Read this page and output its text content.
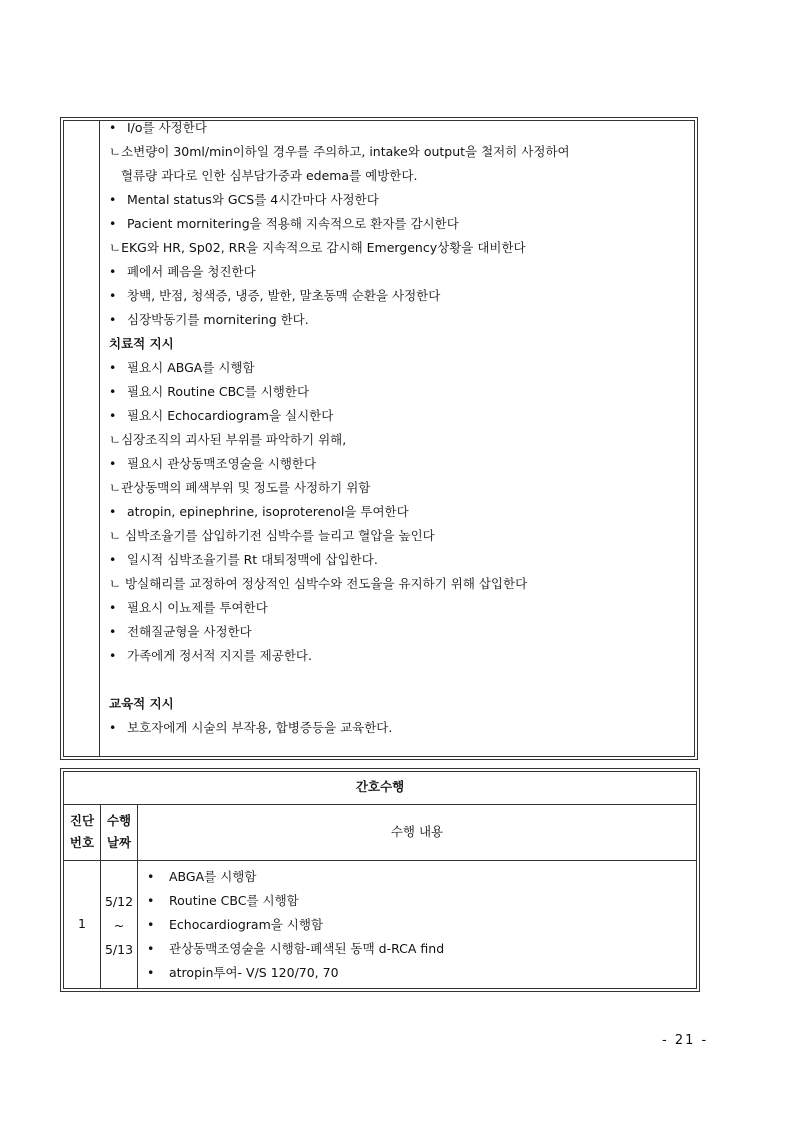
• I/o를 사정한다
ㄴ소변량이 30ml/min이하일 경우를 주의하고, intake와 output을 철저히 사정하여
혈류량 과다로 인한 심부담가중과 edema를 예방한다.
• Mental status와 GCS를 4시간마다 사정한다
• Pacient mornitering을 적용해 지속적으로 환자를 감시한다
ㄴEKG와 HR, Sp02, RR을 지속적으로 감시해 Emergency상황을 대비한다
• 폐에서 폐음을 청진한다
• 창백, 반점, 청색증, 냉증, 발한, 말초동맥 순환을 사정한다
• 심장박동기를 mornitering 한다.
치료적 지시
• 필요시 ABGA를 시행함
• 필요시 Routine CBC를 시행한다
• 필요시 Echocardiogram을 실시한다
ㄴ심장조직의 괴사된 부위를 파악하기 위해,
• 필요시 관상동맥조영술을 시행한다
ㄴ관상동맥의 폐색부위 및 정도를 사정하기 위함
• atropin, epinephrine, isoproterenol을 투여한다
ㄴ 심박조율기를 삽입하기전 심박수를 늘리고 혈압을 높인다
• 일시적 심박조율기를 Rt 대퇴정맥에 삽입한다.
ㄴ 방실해리를 교정하여 정상적인 심박수와 전도율을 유지하기 위해 삽입한다
• 필요시 이뇨제를 투여한다
• 전해질균형을 사정한다
• 가족에게 정서적 지지를 제공한다.
교육적 지시
• 보호자에게 시술의 부작용, 합병증등을 교육한다.
간호수행
진단
번호
수행
날짜
수행 내용
1
5/12
~
5/13
• ABGA를 시행함
• Routine CBC를 시행함
• Echocardiogram을 시행함
• 관상동맥조영술을 시행함-폐색된 동맥 d-RCA find
• atropin투여- V/S 120/70, 70
- 21 -
